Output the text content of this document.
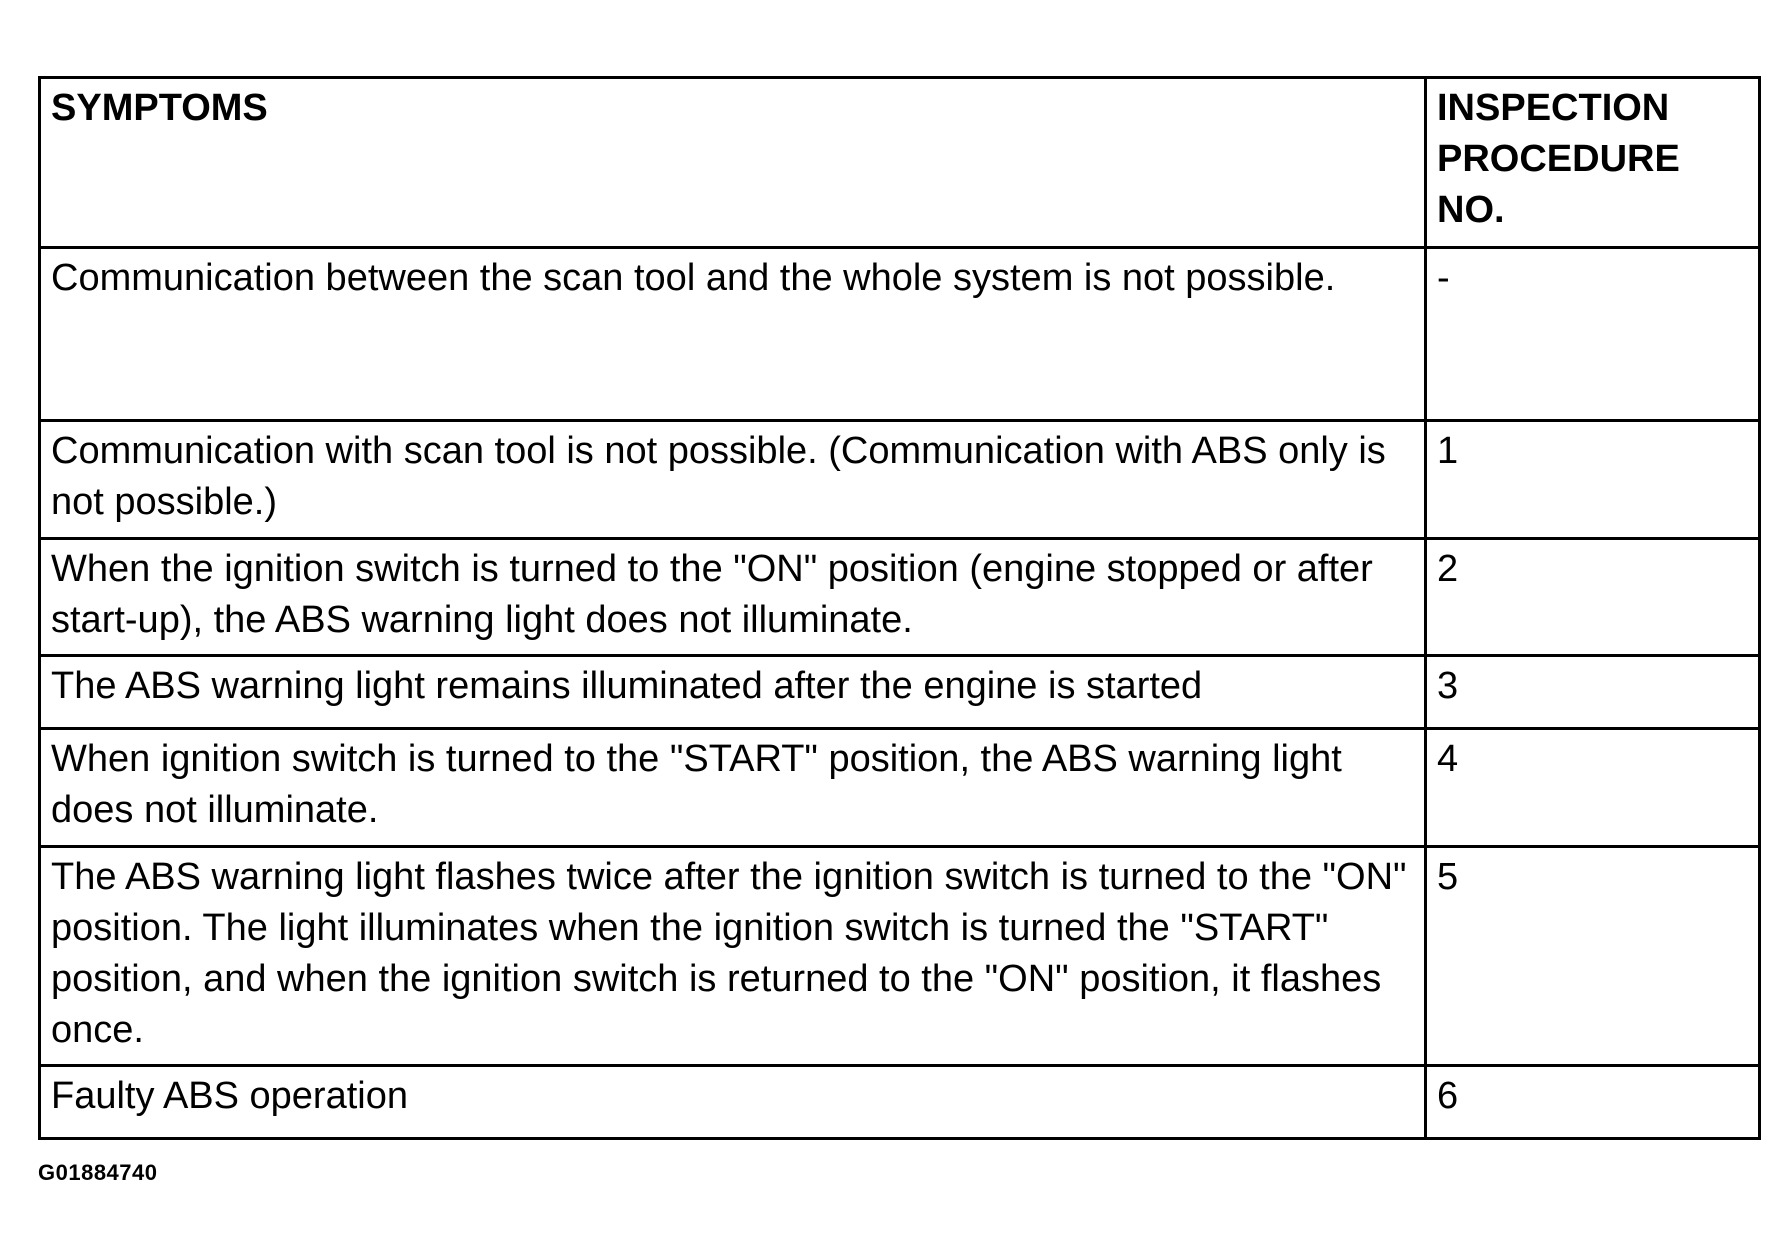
SYMPTOMS	INSPECTION PROCEDURE NO.
Communication between the scan tool and the whole system is not possible.	-
Communication with scan tool is not possible. (Communication with ABS only is not possible.)	1
When the ignition switch is turned to the "ON" position (engine stopped or after start-up), the ABS warning light does not illuminate.	2
The ABS warning light remains illuminated after the engine is started	3
When ignition switch is turned to the "START" position, the ABS warning light does not illuminate.	4
The ABS warning light flashes twice after the ignition switch is turned to the "ON" position. The light illuminates when the ignition switch is turned the "START" position, and when the ignition switch is returned to the "ON" position, it flashes once.	5
Faulty ABS operation	6
G01884740
